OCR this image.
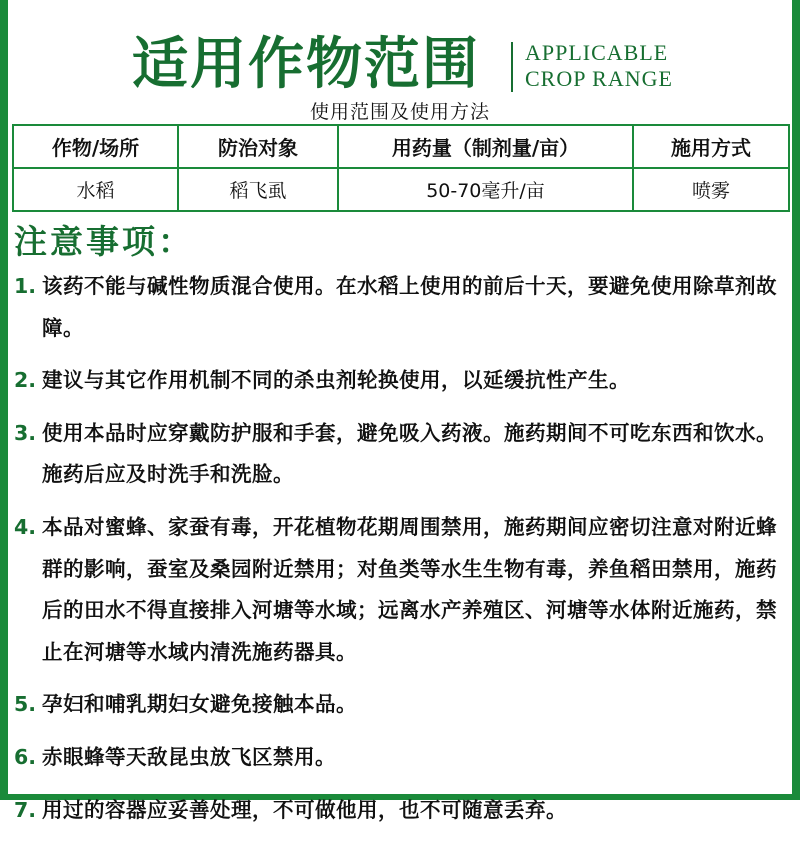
适用作物范围 APPLICABLE
CROP RANGE
使用范围及使用方法
作物/场所	防治对象	用药量（制剂量/亩）	施用方式
水稻	稻飞虱	50-70毫升/亩	喷雾
注意事项：
1. 该药不能与碱性物质混合使用。在水稻上使用的前后十天，要避免使用除草剂故障。
2. 建议与其它作用机制不同的杀虫剂轮换使用，以延缓抗性产生。
3. 使用本品时应穿戴防护服和手套，避免吸入药液。施药期间不可吃东西和饮水。施药后应及时洗手和洗脸。
4. 本品对蜜蜂、家蚕有毒，开花植物花期周围禁用，施药期间应密切注意对附近蜂群的影响，蚕室及桑园附近禁用；对鱼类等水生生物有毒，养鱼稻田禁用，施药后的田水不得直接排入河塘等水域；远离水产养殖区、河塘等水体附近施药，禁止在河塘等水域内清洗施药器具。
5. 孕妇和哺乳期妇女避免接触本品。
6. 赤眼蜂等天敌昆虫放飞区禁用。
7. 用过的容器应妥善处理，不可做他用，也不可随意丢弃。
